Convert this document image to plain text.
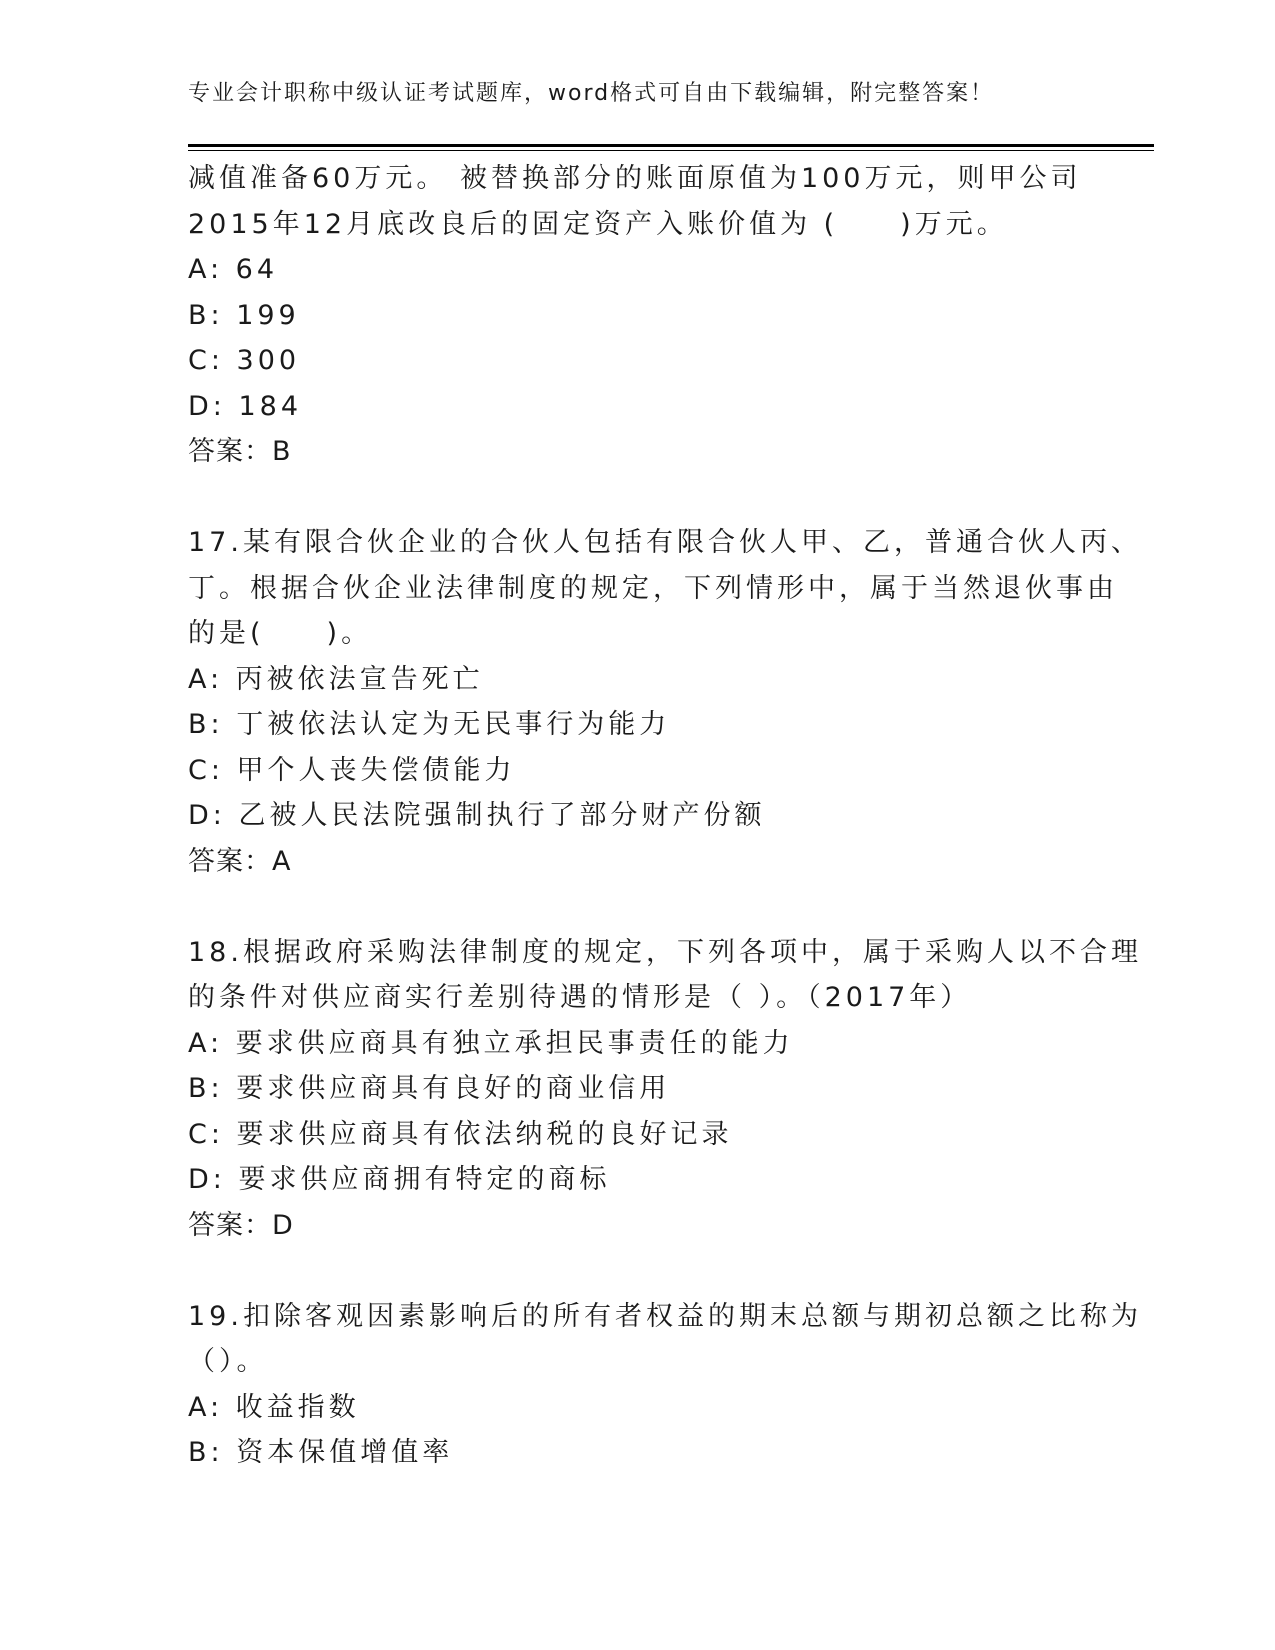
专业会计职称中级认证考试题库，word格式可自由下载编辑，附完整答案！
减值准备60万元。 被替换部分的账面原值为100万元，则甲公司
2015年12月底改良后的固定资产入账价值为 (　　)万元。
A: 64
B: 199
C: 300
D: 184
答案：B
17.某有限合伙企业的合伙人包括有限合伙人甲、乙，普通合伙人丙、
丁。根据合伙企业法律制度的规定，下列情形中，属于当然退伙事由
的是(　　)。
A: 丙被依法宣告死亡
B: 丁被依法认定为无民事行为能力
C: 甲个人丧失偿债能力
D: 乙被人民法院强制执行了部分财产份额
答案：A
18.根据政府采购法律制度的规定，下列各项中，属于采购人以不合理
的条件对供应商实行差别待遇的情形是（ ）。（2017年）
A: 要求供应商具有独立承担民事责任的能力
B: 要求供应商具有良好的商业信用
C: 要求供应商具有依法纳税的良好记录
D: 要求供应商拥有特定的商标
答案：D
19.扣除客观因素影响后的所有者权益的期末总额与期初总额之比称为
（）。
A: 收益指数
B: 资本保值增值率
